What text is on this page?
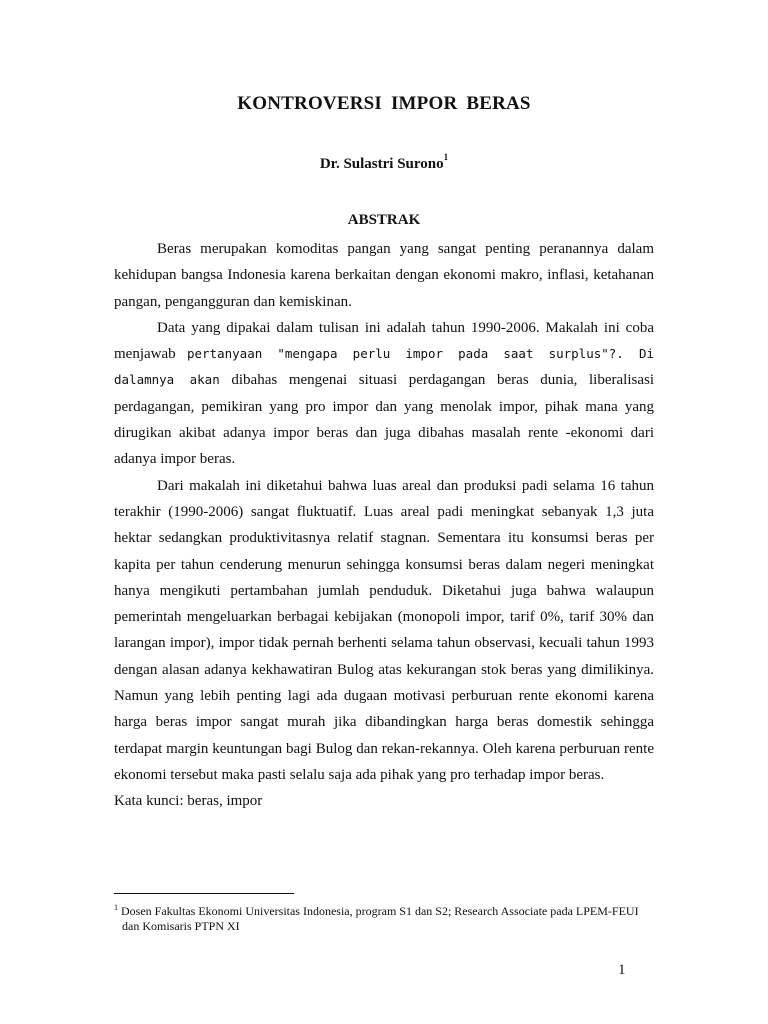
KONTROVERSI IMPOR BERAS
Dr. Sulastri Surono$^1$
ABSTRAK

Beras merupakan komoditas pangan yang sangat penting peranannya dalam kehidupan bangsa Indonesia karena berkaitan dengan ekonomi makro, inflasi, ketahanan pangan, pengangguran dan kemiskinan.

Data yang dipakai dalam tulisan ini adalah tahun 1990-2006. Makalah ini coba menjawab pertanyaan "mengapa perlu impor pada saat surplus"?. Di dalamnya akan dibahas mengenai situasi perdagangan beras dunia, liberalisasi perdagangan, pemikiran yang pro impor dan yang menolak impor, pihak mana yang dirugikan akibat adanya impor beras dan juga dibahas masalah rente -ekonomi dari adanya impor beras.

Dari makalah ini diketahui bahwa luas areal dan produksi padi selama 16 tahun terakhir (1990-2006) sangat fluktuatif. Luas areal padi meningkat sebanyak 1,3 juta hektar sedangkan produktivitasnya relatif stagnan. Sementara itu konsumsi beras per kapita per tahun cenderung menurun sehingga konsumsi beras dalam negeri meningkat hanya mengikuti pertambahan jumlah penduduk. Diketahui juga bahwa walaupun pemerintah mengeluarkan berbagai kebijakan (monopoli impor, tarif 0%, tarif 30% dan larangan impor), impor tidak pernah berhenti selama tahun observasi, kecuali tahun 1993 dengan alasan adanya kekhawatiran Bulog atas kekurangan stok beras yang dimilikinya. Namun yang lebih penting lagi ada dugaan motivasi perburuan rente ekonomi karena harga beras impor sangat murah jika dibandingkan harga beras domestik sehingga terdapat margin keuntungan bagi Bulog dan rekan-rekannya. Oleh karena perburuan rente ekonomi tersebut maka pasti selalu saja ada pihak yang pro terhadap impor beras.

Kata kunci: beras, impor

$^1$ Dosen Fakultas Ekonomi Universitas Indonesia, program S1 dan S2; Research Associate pada LPEM-FEUI
dan Komisaris PTPN XI
1
